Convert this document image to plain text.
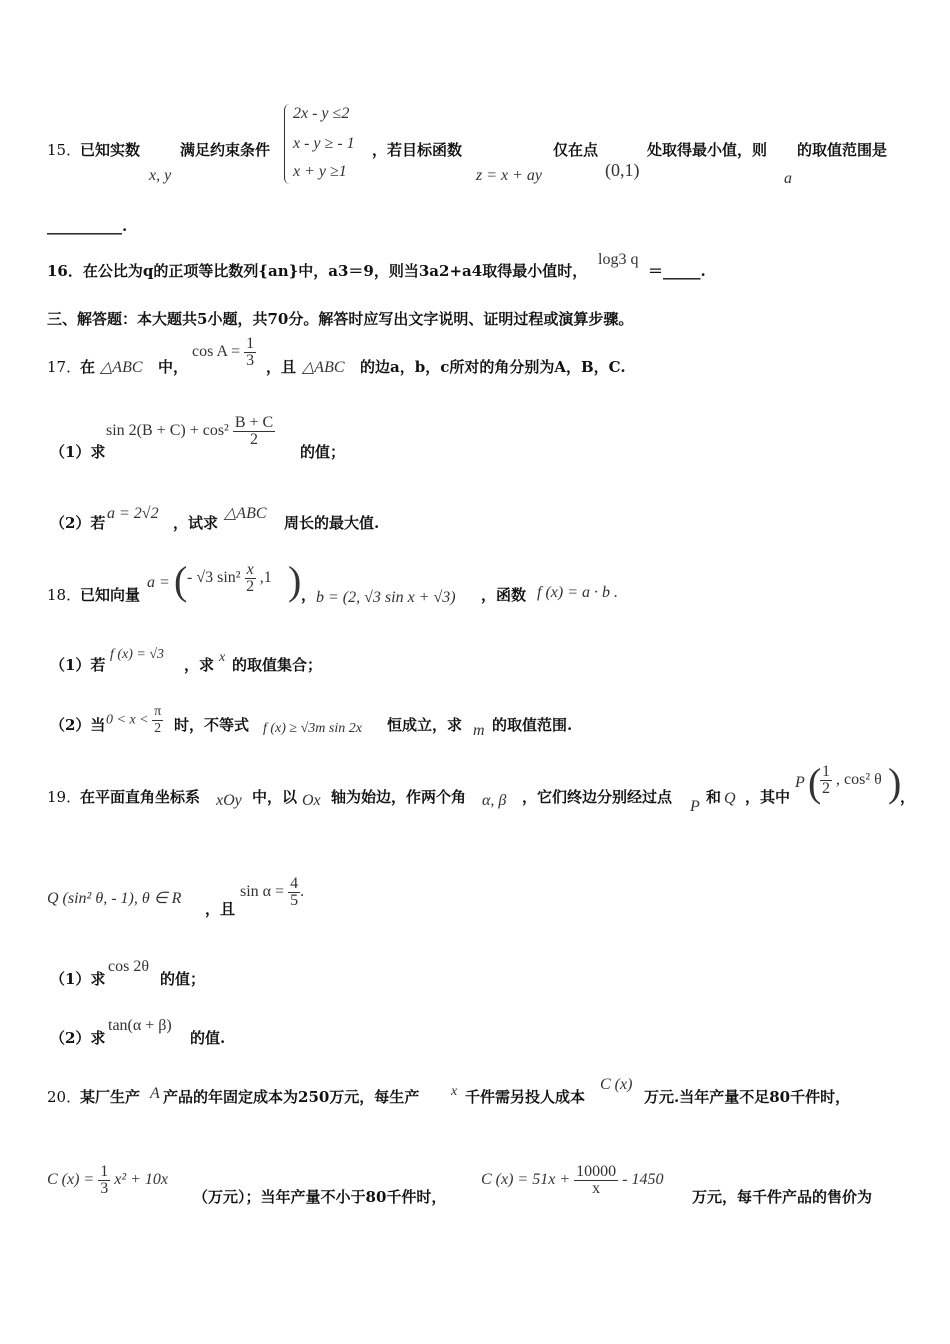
15．
已知实数
x, y
满足约束条件
2x - y ≤2
x - y ≥ - 1
x + y ≥1
，若目标函数
z = x + ay
仅在点
(0,1)
处取得最小值，则
a
的取值范围是
__________.
16．在公比为q的正项等比数列{an}中，a3＝9，则当3a2+a4取得最小值时，
log3 q
＝_____.
三、解答题：本大题共5小题，共70分。解答时应写出文字说明、证明过程或演算步骤。
17．
在 △ABC 中，
$\cos A = \frac{1}{3}$ ，且 △ABC 的边a，b，c所对的角分别为A，B，C.
（1）求
$\sin 2(B + C) + \cos^2 \frac{B + C}{2}$
的值；
（2）若
a = 2√2
，试求
△ABC
周长的最大值.
18．
已知向量
a = ( - √3 $\sin^2 \frac{x}{2} ,1$ ) ， b = (2, √3 sin x + √3) ，函数 f (x) = a · b .
（1）若
f (x) = √3
，求 x 的取值集合；
（2）当 $0 < x < \frac{\pi}{2}$ 时，不等式 f (x) ≥ √3m sin 2x 恒成立，求 m 的取值范围.
19．
在平面直角坐标系 xOy 中，以 Ox 轴为始边，作两个角 α, β ，它们终边分别经过点
P
和 Q ，其中
P (
$\frac{1}{2}$ , cos² θ )
，
Q (sin² θ, - 1), θ ∈ R
，且
$\sin \alpha = \frac{4}{5}$ .
（1）求
cos 2θ
的值；
（2）求
tan(α + β)
的值.
20．
某厂生产 A 产品的年固定成本为250万元，每生产 x 千件需另投人成本
C (x)
万元.当年产量不足80千件时，
C $(x) = \frac{1}{3} x^2 + 10x$
（万元）；当年产量不小于80千件时，
C $(x) = 51x + \frac{10000}{x} - 1450$
万元，每千件产品的售价为
